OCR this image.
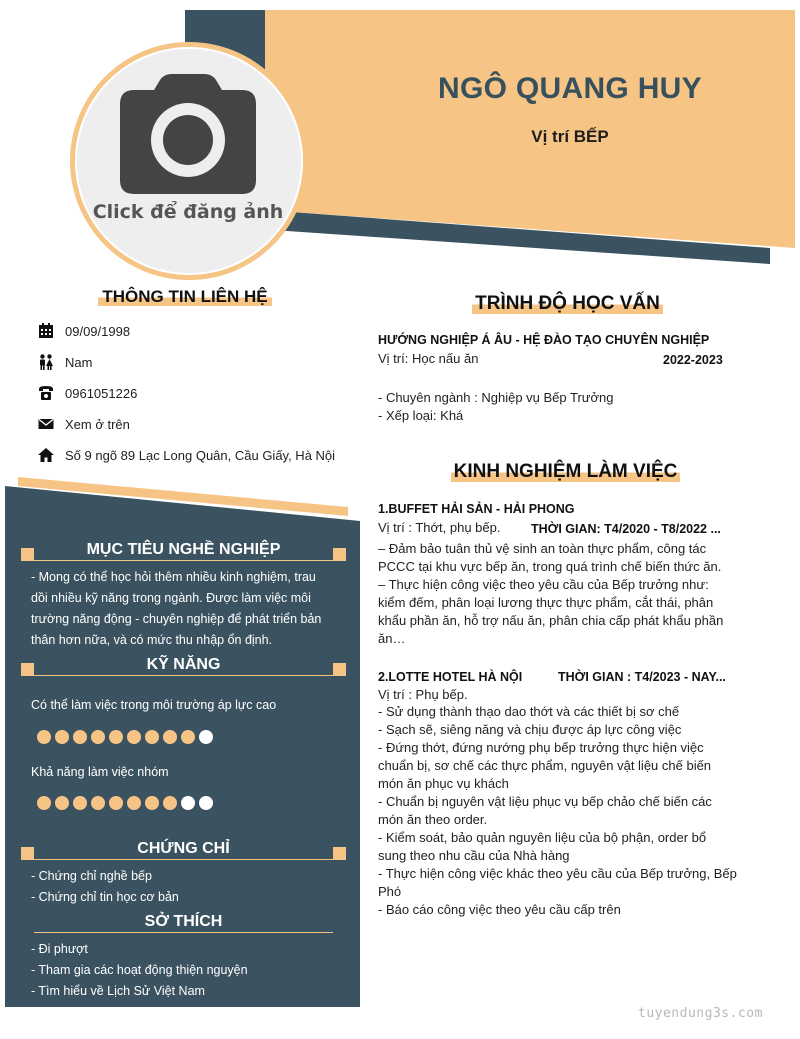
NGÔ QUANG HUY
Vị trí BẾP
Click để đăng ảnh
THÔNG TIN LIÊN HỆ
09/09/1998
Nam
0961051226
Xem ở trên
Số 9 ngõ 89 Lạc Long Quân, Cầu Giấy, Hà Nội
MỤC TIÊU NGHỀ NGHIỆP
- Mong có thể học hỏi thêm nhiều kinh nghiệm, trau
dồi nhiều kỹ năng trong ngành. Được làm việc môi
trường năng động - chuyên nghiệp để phát triển bản
thân hơn nữa, và có mức thu nhập ổn định.
KỸ NĂNG
Có thể làm việc trong môi trường áp lực cao
Khả năng làm việc nhóm
CHỨNG CHỈ
- Chứng chỉ nghề bếp
- Chứng chỉ tin học cơ bản
SỞ THÍCH
- Đi phượt
- Tham gia các hoạt động thiện nguyện
- Tìm hiểu về Lịch Sử Việt Nam
TRÌNH ĐỘ HỌC VẤN
HƯỚNG NGHIỆP Á ÂU - HỆ ĐÀO TẠO CHUYÊN NGHIỆP
Vị trí: Học nấu ăn	2022-2023
- Chuyên ngành : Nghiệp vụ Bếp Trưởng
- Xếp loại: Khá
KINH NGHIỆM LÀM VIỆC
1.BUFFET HẢI SẢN - HẢI PHONG
Vị trí : Thớt, phụ bếp.	THỜI GIAN: T4/2020 - T8/2022 ...
– Đảm bảo tuân thủ vệ sinh an toàn thực phẩm, công tác
PCCC tại khu vực bếp ăn, trong quá trình chế biến thức ăn.
– Thực hiện công việc theo yêu cầu của Bếp trưởng như:
kiểm đếm, phân loại lương thực thực phẩm, cắt thái, phân
khẩu phần ăn, hỗ trợ nấu ăn, phân chia cấp phát khẩu phần
ăn…
2.LOTTE HOTEL HÀ NỘI	THỜI GIAN : T4/2023 - NAY...
Vị trí : Phụ bếp.
- Sử dụng thành thạo dao thớt và các thiết bị sơ chế
- Sạch sẽ, siêng năng và chịu được áp lực công việc
- Đứng thớt, đứng nướng phụ bếp trưởng thực hiện việc
chuẩn bị, sơ chế các thực phẩm, nguyên vật liệu chế biến
món ăn phục vụ khách
- Chuẩn bị nguyên vật liệu phục vụ bếp chảo chế biến các
món ăn theo order.
- Kiểm soát, bảo quản nguyên liệu của bộ phận, order bổ
sung theo nhu cầu của Nhà hàng
- Thực hiện công việc khác theo yêu cầu của Bếp trưởng, Bếp
Phó
- Báo cáo công việc theo yêu cầu cấp trên
tuyendung3s.com
